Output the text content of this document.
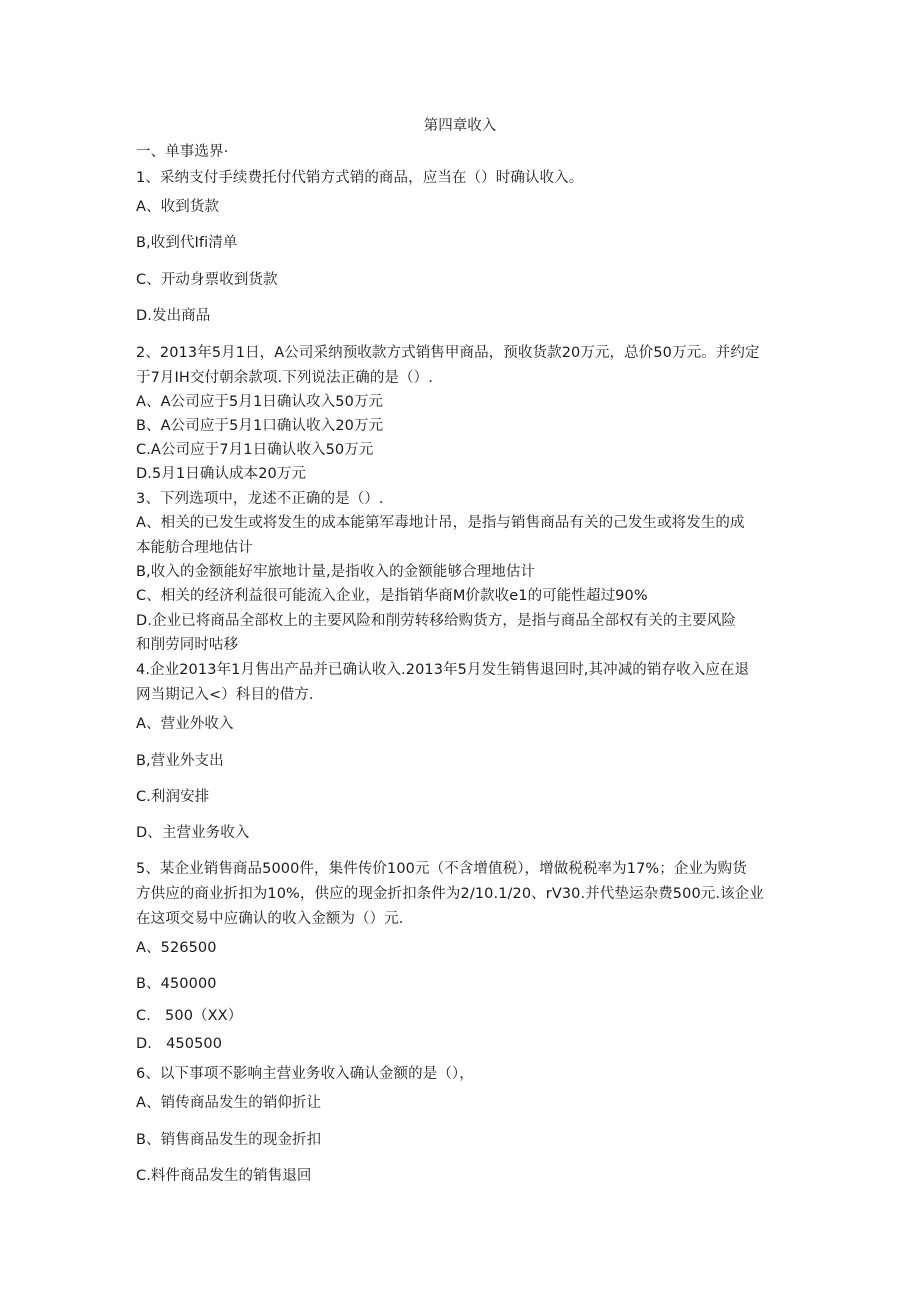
第四章收入
一、单事选界·
1、采纳支付手续费托付代销方式销的商品，应当在（）时确认收入。
A、收到货款
B,收到代Ifi清单
C、开动身票收到货款
D.发出商品
2、2013年5月1日，A公司采纳预收款方式销售甲商品，预收货款20万元，总价50万元。并约定
于7月IH交付朝余款项.下列说法正确的是（）.
A、A公司应于5月1日确认攻入50万元
B、A公司应于5月1口确认收入20万元
C.A公司应于7月1日确认收入50万元
D.5月1日确认成本20万元
3、下列选项中，龙述不正确的是（）.
A、相关的已发生或将发生的成本能第军毒地计吊，是指与销售商品有关的己发生或将发生的成
本能舫合理地估计
B,收入的金额能好牢旅地计量,是指收入的金额能够合理地估计
C、相关的经济利益很可能流入企业，是指销华商M价款收e1的可能性超过90%
D.企业已将商品全部枚上的主要风险和削劳转移给购货方，是指与商品全部权有关的主要风险
和削劳同时咕移
4.企业2013年1月售出产品并已确认收入.2013年5月发生销售退回时,其冲减的销存收入应在退
网当期记入<）科目的借方.
A、营业外收入
B,营业外支出
C.利润安排
D、主营业务收入
5、某企业销售商品5000件，集件传价100元（不含增值税），增做税税率为17%；企业为购货
方供应的商业折扣为10%，供应的现金折扣条件为2/10.1/20、rV30.并代垫运杂费500元.该企业
在这项交易中应确认的收入金额为（）元.
A、526500
B、450000
C.   500（XX）
D.   450500
6、以下事项不影响主营业务收入确认金额的是（），
A、销传商品发生的销仰折让
B、销售商品发生的现金折扣
C.料件商品发生的销售退回
